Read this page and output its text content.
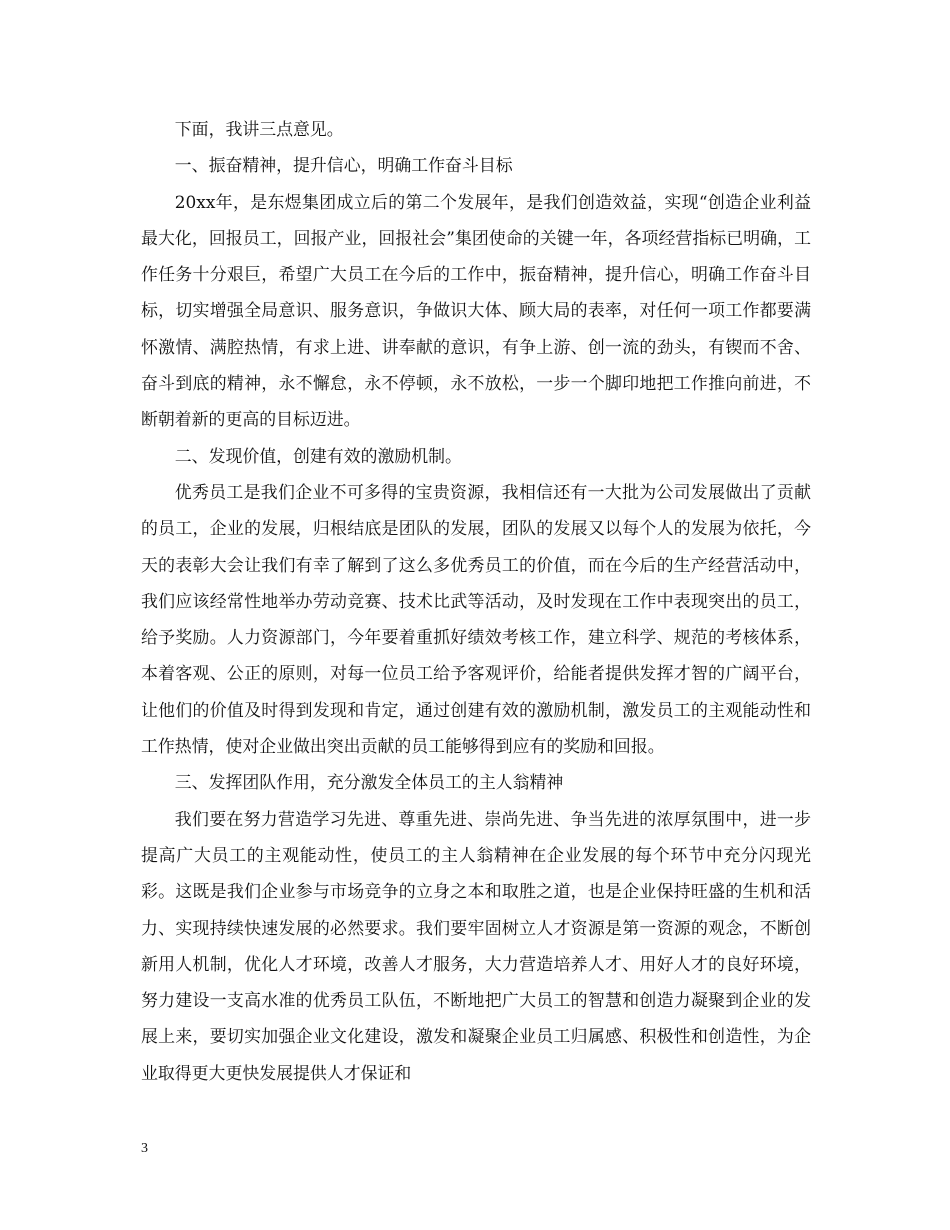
下面，我讲三点意见。

一、振奋精神，提升信心，明确工作奋斗目标

20xx年，是东煜集团成立后的第二个发展年，是我们创造效益，实现“创造企业利益最大化，回报员工，回报产业，回报社会”集团使命的关键一年，各项经营指标已明确，工作任务十分艰巨，希望广大员工在今后的工作中，振奋精神，提升信心，明确工作奋斗目标，切实增强全局意识、服务意识，争做识大体、顾大局的表率，对任何一项工作都要满怀激情、满腔热情，有求上进、讲奉献的意识，有争上游、创一流的劲头，有锲而不舍、奋斗到底的精神，永不懈怠，永不停顿，永不放松，一步一个脚印地把工作推向前进，不断朝着新的更高的目标迈进。

二、发现价值，创建有效的激励机制。

优秀员工是我们企业不可多得的宝贵资源，我相信还有一大批为公司发展做出了贡献的员工，企业的发展，归根结底是团队的发展，团队的发展又以每个人的发展为依托，今天的表彰大会让我们有幸了解到了这么多优秀员工的价值，而在今后的生产经营活动中，我们应该经常性地举办劳动竞赛、技术比武等活动，及时发现在工作中表现突出的员工，给予奖励。人力资源部门，今年要着重抓好绩效考核工作，建立科学、规范的考核体系，本着客观、公正的原则，对每一位员工给予客观评价，给能者提供发挥才智的广阔平台，让他们的价值及时得到发现和肯定，通过创建有效的激励机制，激发员工的主观能动性和工作热情，使对企业做出突出贡献的员工能够得到应有的奖励和回报。

三、发挥团队作用，充分激发全体员工的主人翁精神

我们要在努力营造学习先进、尊重先进、崇尚先进、争当先进的浓厚氛围中，进一步提高广大员工的主观能动性，使员工的主人翁精神在企业发展的每个环节中充分闪现光彩。这既是我们企业参与市场竞争的立身之本和取胜之道，也是企业保持旺盛的生机和活力、实现持续快速发展的必然要求。我们要牢固树立人才资源是第一资源的观念，不断创新用人机制，优化人才环境，改善人才服务，大力营造培养人才、用好人才的良好环境，努力建设一支高水准的优秀员工队伍，不断地把广大员工的智慧和创造力凝聚到企业的发展上来，要切实加强企业文化建设，激发和凝聚企业员工归属感、积极性和创造性，为企业取得更大更快发展提供人才保证和

3
